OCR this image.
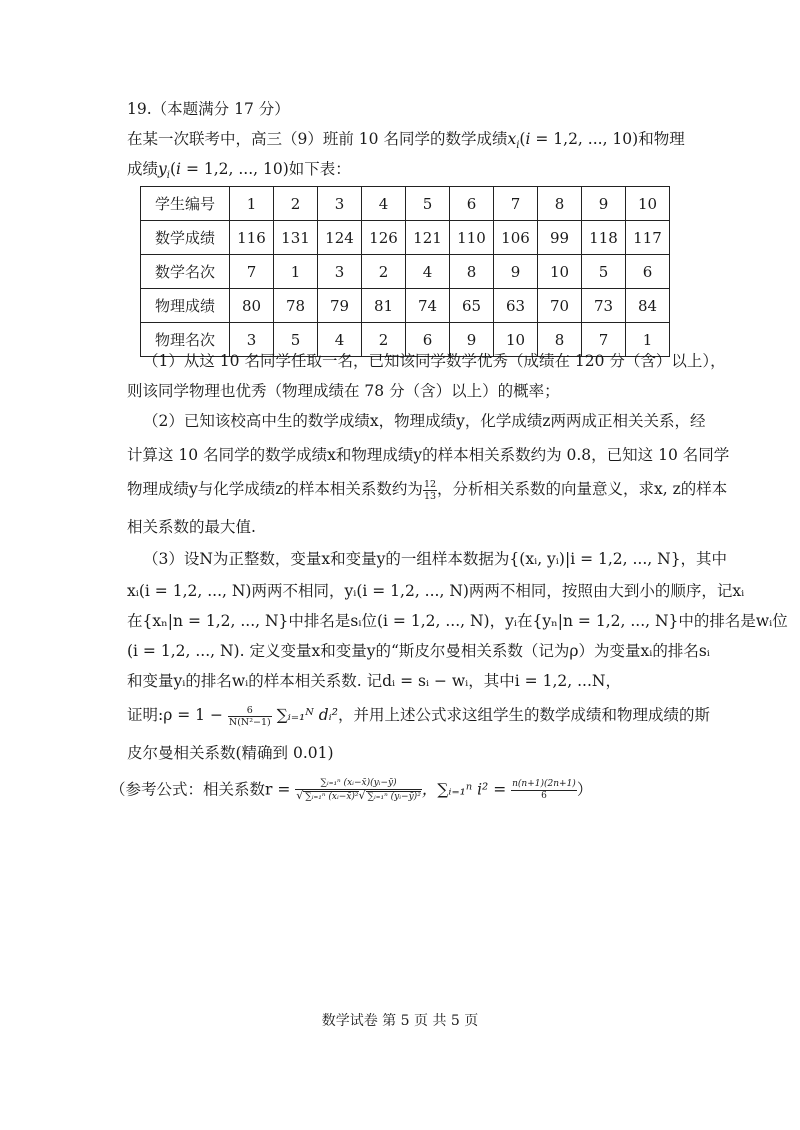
19.（本题满分 17 分）
在某一次联考中，高三（9）班前 10 名同学的数学成绩$x_i(i = 1,2$, ..., 10)和物理
成绩$y_i(i = 1,2$, ..., 10)如下表：
学生编号	1	2	3	4	5	6	7	8	9	10
数学成绩	116	131	124	126	121	110	106	99	118	117
数学名次	7	1	3	2	4	8	9	10	5	6
物理成绩	80	78	79	81	74	65	63	70	73	84
物理名次	3	5	4	2	6	9	10	8	7	1
（1）从这 10 名同学任取一名，已知该同学数学优秀（成绩在 120 分（含）以上），
则该同学物理也优秀（物理成绩在 78 分（含）以上）的概率；
（2）已知该校高中生的数学成绩x，物理成绩y，化学成绩z两两成正相关关系，经
计算这 10 名同学的数学成绩x和物理成绩y的样本相关系数约为 0.8，已知这 10 名同学
物理成绩y与化学成绩z的样本相关系数约为 $\frac{12}{13}$ ，分析相关系数的向量意义，求x, z的样本
相关系数的最大值.
（3）设N为正整数，变量x和变量y的一组样本数据为{(xᵢ, yᵢ)|i = 1,2, ..., N}，其中
xᵢ(i = 1,2, ..., N)两两不相同，yᵢ(i = 1,2, ..., N)两两不相同，按照由大到小的顺序，记xᵢ
在{xₙ|n = 1,2, ..., N}中排名是sᵢ位(i = 1,2, ..., N)，yᵢ在{yₙ|n = 1,2, ..., N}中的排名是wᵢ位
(i = 1,2, ..., N). 定义变量x和变量y的“斯皮尔曼相关系数（记为ρ）为变量xᵢ的排名sᵢ
和变量yᵢ的排名wᵢ的样本相关系数. 记dᵢ = sᵢ − wᵢ，其中i = 1,2, ...N，
证明:ρ = $1 - \frac{6}{\text{N(N²−1)}}$ ∑ᵢ₌₁ᴺ dᵢ²，并用上述公式求这组学生的数学成绩和物理成绩的斯
皮尔曼相关系数(精确到 0.01)
（参考公式：相关系数$r = \frac{\text{∑ᵢ₌₁ⁿ (xᵢ−x̄)(yᵢ−ȳ)}}{\text{√ ∑ᵢ₌₁ⁿ (xᵢ−x̄)²√ ∑ᵢ₌₁ⁿ (yᵢ−ȳ)²}}$ ，∑ᵢ₌₁ⁿ $i^2 = \frac{n(n+1)(2n+1)}{6}$ ）
数学试卷 第 5 页 共 5 页
